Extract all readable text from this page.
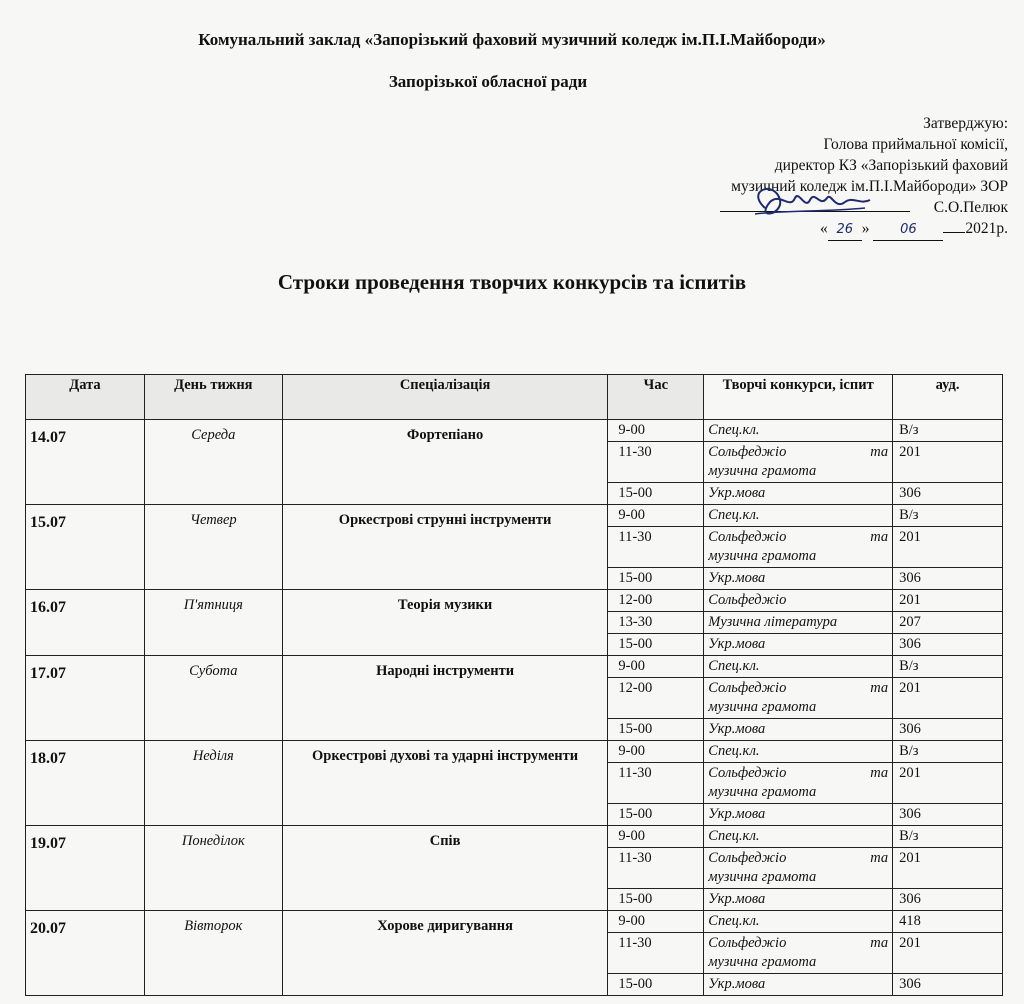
Комунальний заклад «Запорізький фаховий музичний коледж ім.П.І.Майбороди»
Запорізької обласної ради
Затверджую:
Голова приймальної комісії,
директор КЗ «Запорізький фаховий
музичний коледж ім.П.І.Майбороди» ЗОР
С.О.Пелюк
« 26 » 06	2021р.
Строки проведення творчих конкурсів та іспитів
Дата	День тижня	Спеціалізація	Час	Творчі конкурси, іспит	ауд.
14.07	Середа	Фортепіано	9-00	Спец.кл.	В/з
			11-30	Сольфеджіо та
музична грамота	201
			15-00	Укр.мова	306
15.07	Четвер	Оркестрові струнні інструменти	9-00	Спец.кл.	В/з
			11-30	Сольфеджіо та
музична грамота	201
			15-00	Укр.мова	306
16.07	П'ятниця	Теорія музики	12-00	Сольфеджіо	201
			13-30	Музична література	207
			15-00	Укр.мова	306
17.07	Субота	Народні інструменти	9-00	Спец.кл.	В/з
			12-00	Сольфеджіо та
музична грамота	201
			15-00	Укр.мова	306
18.07	Неділя	Оркестрові духові та ударні інструменти	9-00	Спец.кл.	В/з
			11-30	Сольфеджіо та
музична грамота	201
			15-00	Укр.мова	306
19.07	Понеділок	Спів	9-00	Спец.кл.	В/з
			11-30	Сольфеджіо та
музична грамота	201
			15-00	Укр.мова	306
20.07	Вівторок	Хорове диригування	9-00	Спец.кл.	418
			11-30	Сольфеджіо та
музична грамота	201
			15-00	Укр.мова	306
